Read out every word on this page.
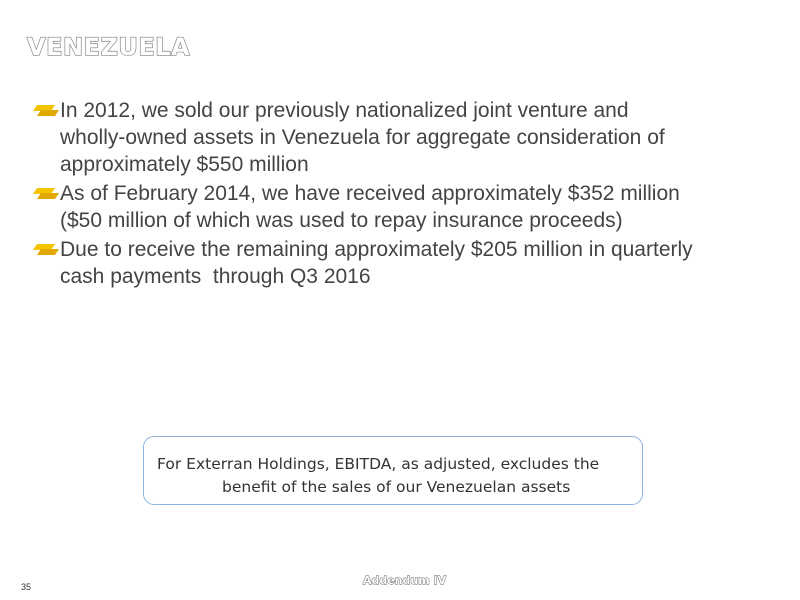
VENEZUELA
In 2012, we sold our previously nationalized joint venture and
wholly-owned assets in Venezuela for aggregate consideration of
approximately $550 million
As of February 2014, we have received approximately $352 million
($50 million of which was used to repay insurance proceeds)
Due to receive the remaining approximately $205 million in quarterly
cash payments  through Q3 2016
For Exterran Holdings, EBITDA, as adjusted, excludes the
benefit of the sales of our Venezuelan assets
35	Addendum IV
